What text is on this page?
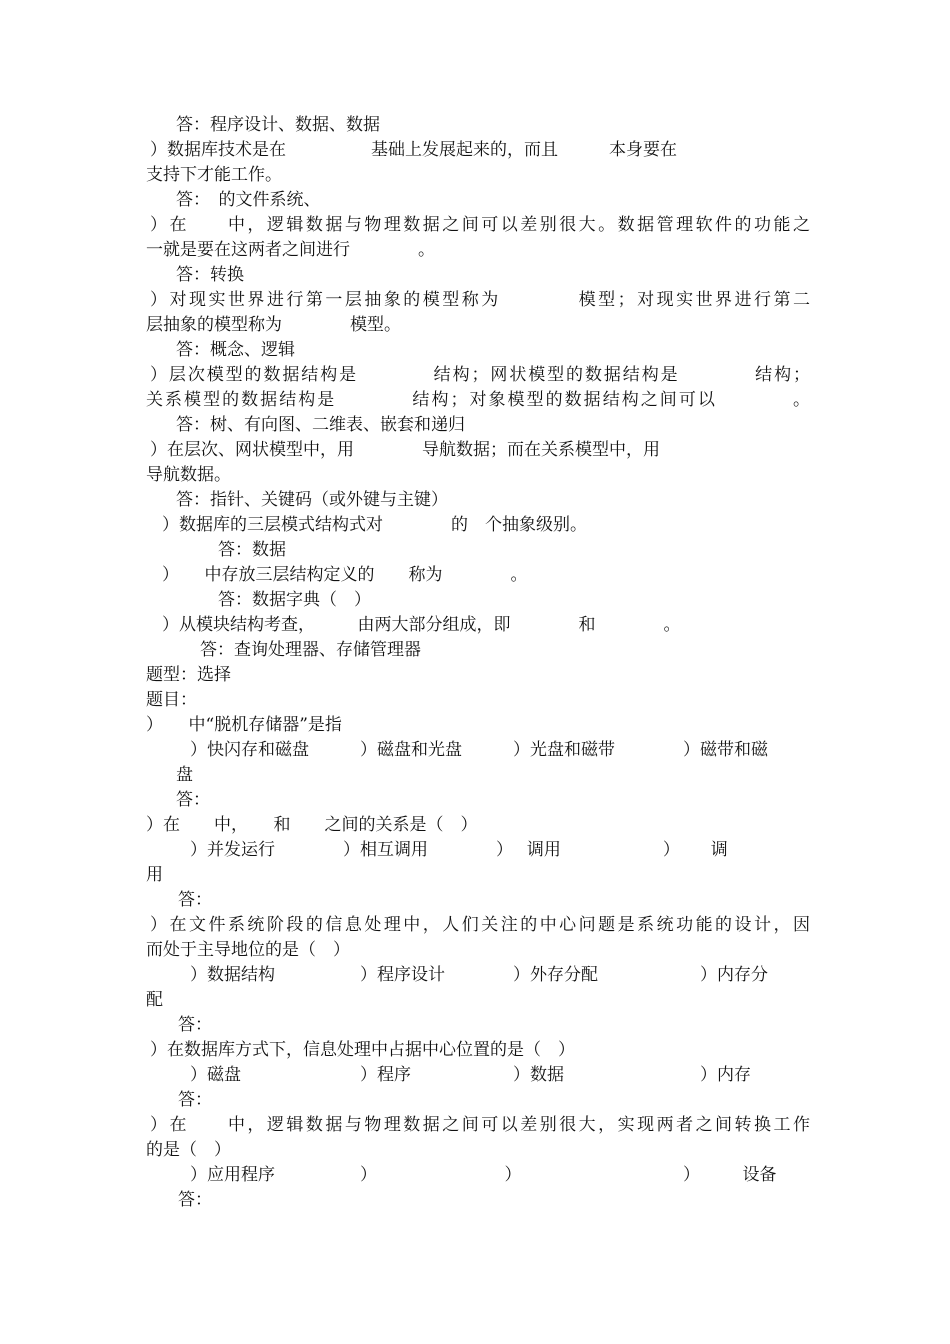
答：程序设计、数据、数据
）数据库技术是在　　　　　基础上发展起来的，而且　　　本身要在
支持下才能工作。
答：　的文件系统、
）在　　中，逻辑数据与物理数据之间可以差别很大。数据管理软件的功能之
一就是要在这两者之间进行　　　　。
答：转换
）对现实世界进行第一层抽象的模型称为　　　　模型；对现实世界进行第二
层抽象的模型称为　　　　模型。
答：概念、逻辑
）层次模型的数据结构是　　　　结构；网状模型的数据结构是　　　　结构；
关系模型的数据结构是　　　　结构；对象模型的数据结构之间可以　　　　。
答：树、有向图、二维表、嵌套和递归
）在层次、网状模型中，用　　　　导航数据；而在关系模型中，用
导航数据。
答：指针、关键码（或外键与主键）
）数据库的三层模式结构式对　　　　的　个抽象级别。
答：数据
）　　中存放三层结构定义的　　称为　　　　。
答：数据字典（　）
）从模块结构考查，　　　由两大部分组成，即　　　　和　　　　。
答：查询处理器、存储管理器
题型：选择
题目：
）　　中“脱机存储器”是指
）快闪存和磁盘　　　）磁盘和光盘　　　）光盘和磁带　　　　）磁带和磁
盘
答：
）在　　中，　　和　　之间的关系是（　）
）并发运行　　　　）相互调用　　　　）　 调用　　　　　　）　　 调
用
答：
）在文件系统阶段的信息处理中，人们关注的中心问题是系统功能的设计，因
而处于主导地位的是（　）
）数据结构　　　　　）程序设计　　　　）外存分配　　　　　　）内存分
配
答：
）在数据库方式下，信息处理中占据中心位置的是（　）
）磁盘　　　　　　　）程序　　　　　　）数据　　　　　　　　）内存
答：
）在　　中，逻辑数据与物理数据之间可以差别很大，实现两者之间转换工作
的是（　）
）应用程序　　　　　）　　　　　　　　）　　　　　　　　　　）　　　设备
答：
